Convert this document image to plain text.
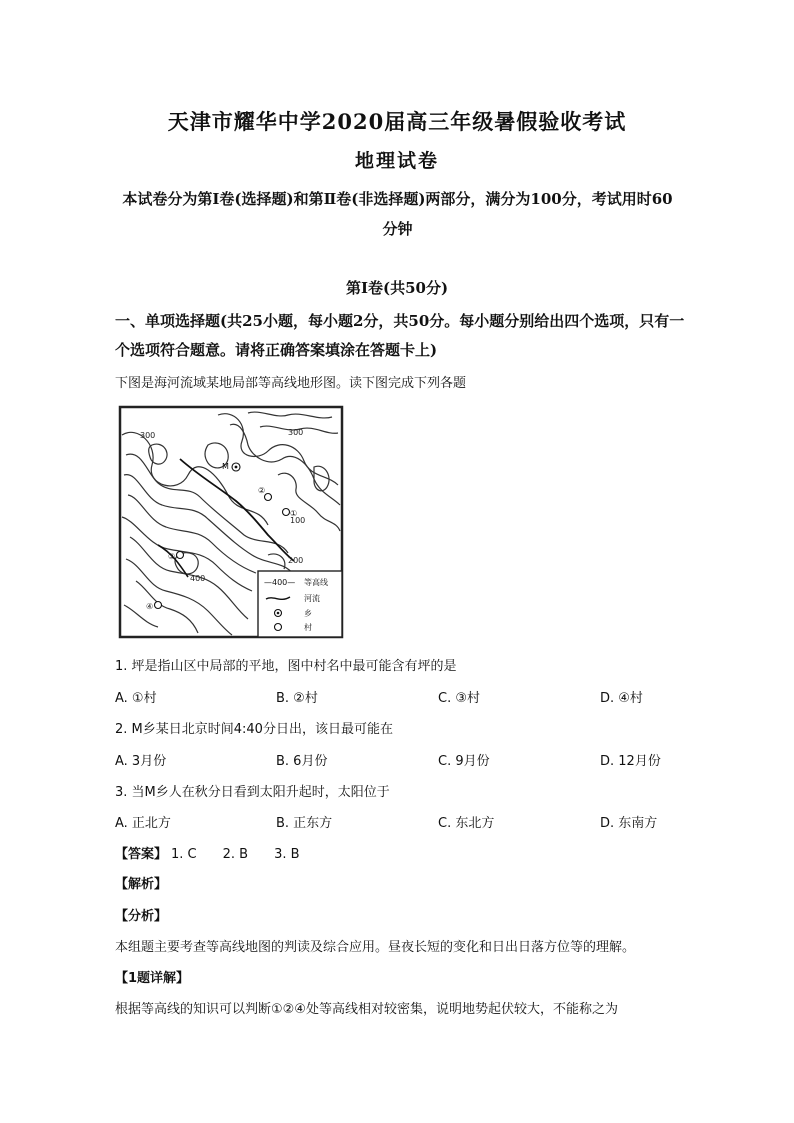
天津市耀华中学2020届高三年级暑假验收考试
地理试卷
本试卷分为第Ⅰ卷(选择题)和第Ⅱ卷(非选择题)两部分，满分为100分，考试用时60分钟
第Ⅰ卷(共50分)
一、单项选择题(共25小题，每小题2分，共50分。每小题分别给出四个选项，只有一个选项符合题意。请将正确答案填涂在答题卡上)
下图是海河流域某地局部等高线地形图。读下图完成下列各题
300	300
100
200
400
M
①
③
②
④
—400— 等高线
河流
乡
村
1. 坪是指山区中局部的平地，图中村名中最可能含有坪的是
A. ①村	B. ②村	C. ③村	D. ④村
2. M乡某日北京时间4:40分日出，该日最可能在
A. 3月份	B. 6月份	C. 9月份	D. 12月份
3. 当M乡人在秋分日看到太阳升起时，太阳位于
A. 正北方	B. 正东方	C. 东北方	D. 东南方
【答案】 1. C 2. B 3. B
【解析】
【分析】
本组题主要考查等高线地图的判读及综合应用。昼夜长短的变化和日出日落方位等的理解。
【1题详解】
根据等高线的知识可以判断①②④处等高线相对较密集，说明地势起伏较大，不能称之为
